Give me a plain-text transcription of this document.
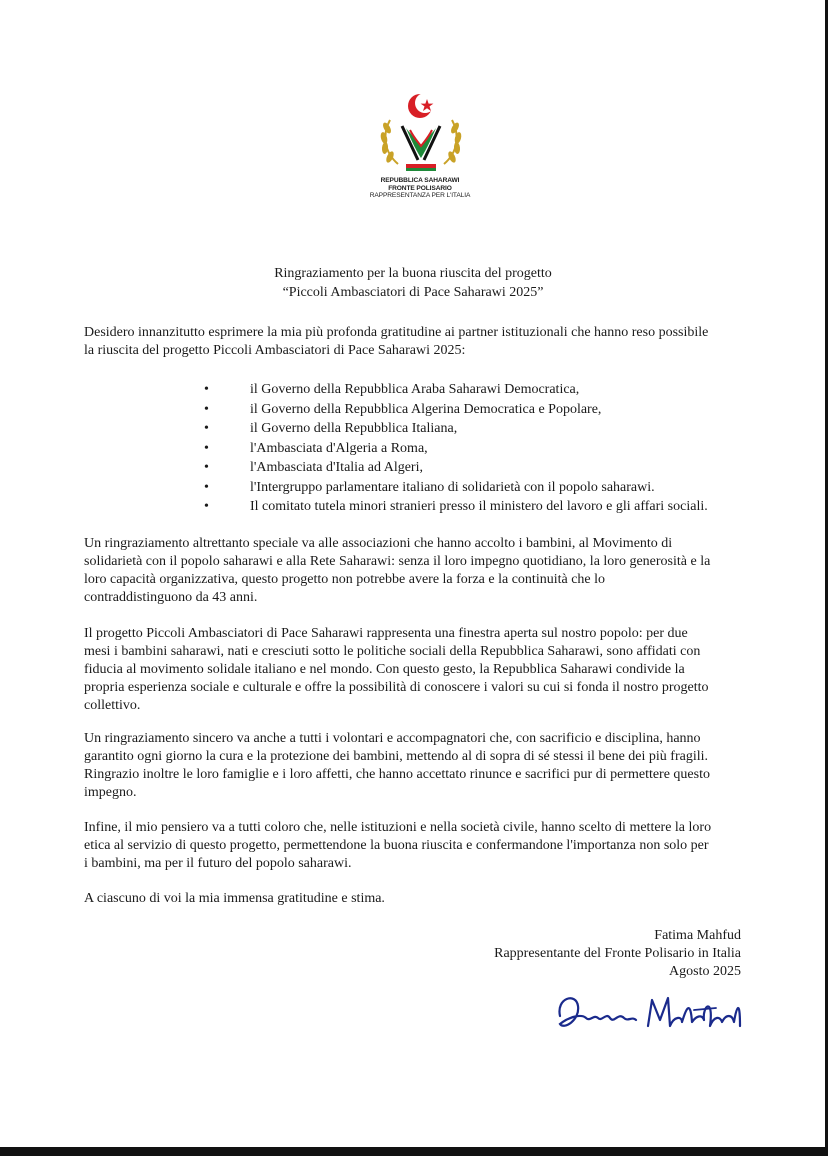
REPUBBLICA SAHARAWI
FRONTE POLISARIO
RAPPRESENTANZA PER L'ITALIA
Ringraziamento per la buona riuscita del progetto
“Piccoli Ambasciatori di Pace Saharawi 2025”

Desidero innanzitutto esprimere la mia più profonda gratitudine ai partner istituzionali che hanno reso possibile
la riuscita del progetto Piccoli Ambasciatori di Pace Saharawi 2025:

•	il Governo della Repubblica Araba Saharawi Democratica,
•	il Governo della Repubblica Algerina Democratica e Popolare,
•	il Governo della Repubblica Italiana,
•	l'Ambasciata d'Algeria a Roma,
•	l'Ambasciata d'Italia ad Algeri,
•	l'Intergruppo parlamentare italiano di solidarietà con il popolo saharawi.
•	Il comitato tutela minori stranieri presso il ministero del lavoro e gli affari sociali.

Un ringraziamento altrettanto speciale va alle associazioni che hanno accolto i bambini, al Movimento di
solidarietà con il popolo saharawi e alla Rete Saharawi: senza il loro impegno quotidiano, la loro generosità e la
loro capacità organizzativa, questo progetto non potrebbe avere la forza e la continuità che lo
contraddistinguono da 43 anni.

Il progetto Piccoli Ambasciatori di Pace Saharawi rappresenta una finestra aperta sul nostro popolo: per due
mesi i bambini saharawi, nati e cresciuti sotto le politiche sociali della Repubblica Saharawi, sono affidati con
fiducia al movimento solidale italiano e nel mondo. Con questo gesto, la Repubblica Saharawi condivide la
propria esperienza sociale e culturale e offre la possibilità di conoscere i valori su cui si fonda il nostro progetto
collettivo.

Un ringraziamento sincero va anche a tutti i volontari e accompagnatori che, con sacrificio e disciplina, hanno
garantito ogni giorno la cura e la protezione dei bambini, mettendo al di sopra di sé stessi il bene dei più fragili.
Ringrazio inoltre le loro famiglie e i loro affetti, che hanno accettato rinunce e sacrifici pur di permettere questo
impegno.

Infine, il mio pensiero va a tutti coloro che, nelle istituzioni e nella società civile, hanno scelto di mettere la loro
etica al servizio di questo progetto, permettendone la buona riuscita e confermandone l'importanza non solo per
i bambini, ma per il futuro del popolo saharawi.

A ciascuno di voi la mia immensa gratitudine e stima.

Fatima Mahfud
Rappresentante del Fronte Polisario in Italia
Agosto 2025
